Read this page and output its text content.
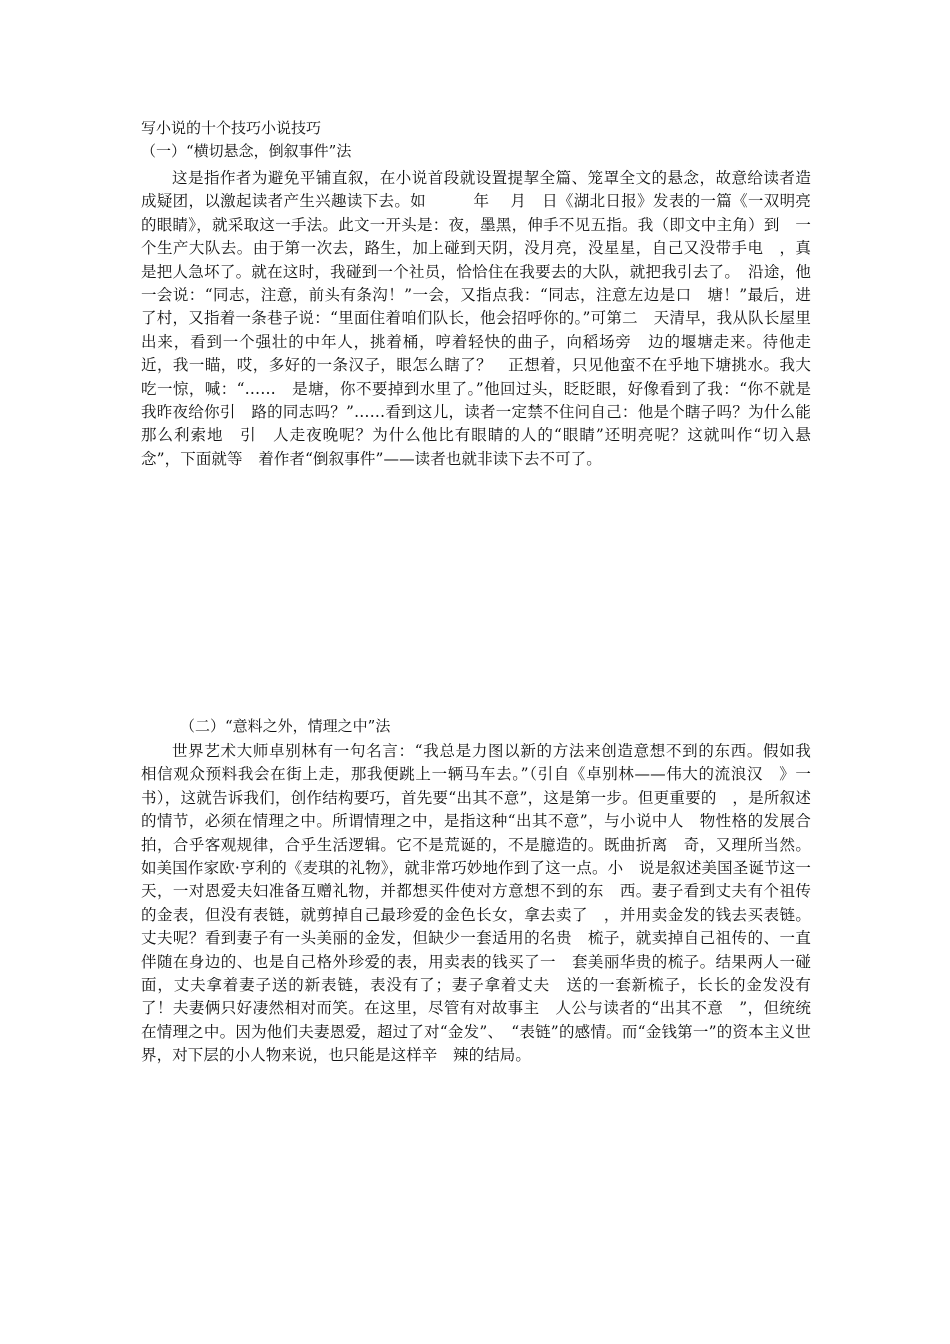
写小说的十个技巧小说技巧
（一）“横切悬念，倒叙事件”法

这是指作者为避免平铺直叙，在小说首段就设置提挈全篇、笼罩全文的悬念，故意给读者造　成疑团，以激起读者产生兴趣读下去。如　　　年　 月　日《湖北日报》发表的一篇《一双明亮　的眼睛》，就采取这一手法。此文一开头是：夜，墨黑，伸手不见五指。我（即文中主角）到　一个生产大队去。由于第一次去，路生，加上碰到天阴，没月亮，没星星，自己又没带手电　，真是把人急坏了。就在这时，我碰到一个社员，恰恰住在我要去的大队，就把我引去了。　沿途，他一会说：“同志，注意，前头有条沟！”一会，又指点我：“同志，注意左边是口　塘！”最后，进了村，又指着一条巷子说：“里面住着咱们队长，他会招呼你的。”可第二　天清早，我从队长屋里出来，看到一个强壮的中年人，挑着桶，哼着轻快的曲子，向稻场旁　边的堰塘走来。待他走近，我一瞄，哎，多好的一条汉子，眼怎么瞎了？　正想着，只见他蛮不在乎地下塘挑水。我大吃一惊，喊：“……　是塘，你不要掉到水里了。”他回过头，眨眨眼，好像看到了我：“你不就是我昨夜给你引　路的同志吗？”……看到这儿，读者一定禁不住问自己：他是个瞎子吗？为什么能那么利索地　引　人走夜晚呢？为什么他比有眼睛的人的“眼睛”还明亮呢？这就叫作“切入悬念”，下面就等　着作者“倒叙事件”——读者也就非读下去不可了。

（二）“意料之外，情理之中”法

世界艺术大师卓别林有一句名言：“我总是力图以新的方法来创造意想不到的东西。假如我　相信观众预料我会在街上走，那我便跳上一辆马车去。”（引自《卓别林——伟大的流浪汉　》一书），这就告诉我们，创作结构要巧，首先要“出其不意”，这是第一步。但更重要的　，是所叙述的情节，必须在情理之中。所谓情理之中，是指这种“出其不意”，与小说中人　物性格的发展合拍，合乎客观规律，合乎生活逻辑。它不是荒诞的，不是臆造的。既曲折离　奇，又理所当然。如美国作家欧·亨利的《麦琪的礼物》，就非常巧妙地作到了这一点。小　说是叙述美国圣诞节这一天，一对恩爱夫妇准备互赠礼物，并都想买件使对方意想不到的东　西。妻子看到丈夫有个祖传的金表，但没有表链，就剪掉自己最珍爱的金色长女，拿去卖了　，并用卖金发的钱去买表链。丈夫呢？看到妻子有一头美丽的金发，但缺少一套适用的名贵　梳子，就卖掉自己祖传的、一直伴随在身边的、也是自己格外珍爱的表，用卖表的钱买了一　套美丽华贵的梳子。结果两人一碰面，丈夫拿着妻子送的新表链，表没有了；妻子拿着丈夫　送的一套新梳子，长长的金发没有了！夫妻俩只好凄然相对而笑。在这里，尽管有对故事主　人公与读者的“出其不意　”，但统统在情理之中。因为他们夫妻恩爱，超过了对“金发”、　“表链”的感情。而“金钱第一”的资本主义世界，对下层的小人物来说，也只能是这样辛　辣的结局。
